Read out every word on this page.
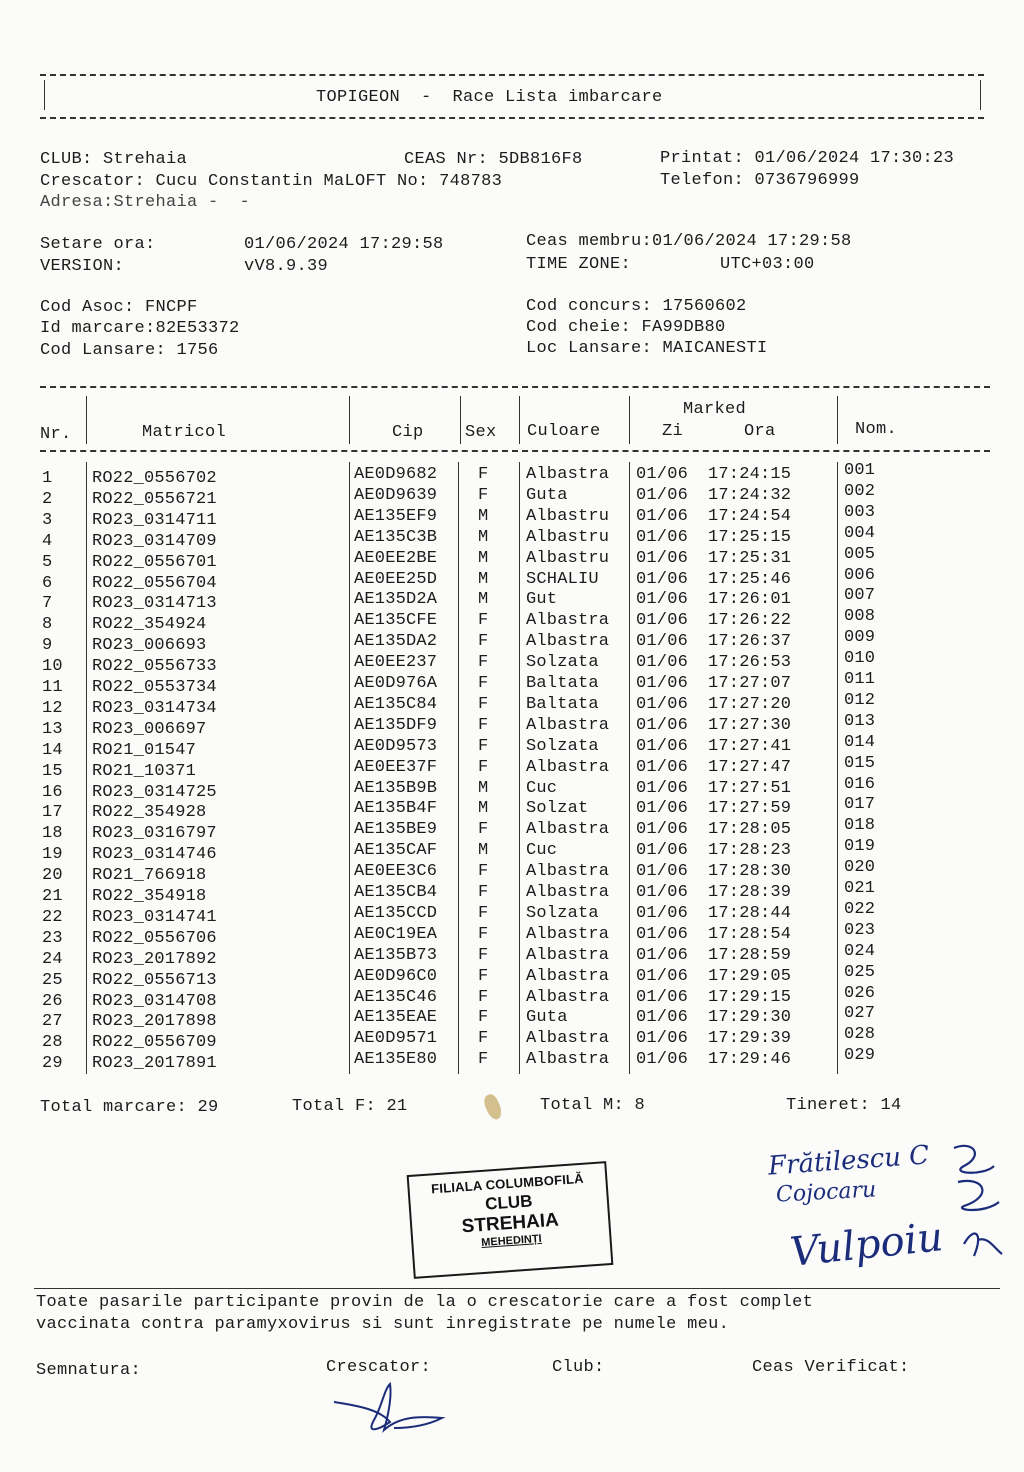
TOPIGEON  -  Race Lista imbarcare
CLUB: Strehaia	CEAS Nr: 5DB816F8	Printat: 01/06/2024 17:30:23
Crescator: Cucu Constantin MaLOFT No: 748783	Telefon: 0736796999
Adresa:Strehaia -  -
Setare ora:	01/06/2024 17:29:58	Ceas membru:01/06/2024 17:29:58
VERSION:	vV8.9.39	TIME ZONE:	UTC+03:00
Cod Asoc: FNCPF	Cod concurs: 17560602
Id marcare:82E53372	Cod cheie: FA99DB80
Cod Lansare: 1756	Loc Lansare: MAICANESTI
Nr.	Matricol	Cip Sex Culoare
Marked
Zi	Ora	Nom.
1 RO22_0556702	AE0D9682 F Albastra 01/06 17:24:15	001
2 RO22_0556721	AE0D9639 F Guta	01/06 17:24:32	002
3 RO23_0314711	AE135EF9 M Albastru 01/06 17:24:54	003
4 RO23_0314709	AE135C3B M Albastru 01/06 17:25:15	004
5 RO22_0556701	AE0EE2BE M Albastru 01/06 17:25:31	005
6 RO22_0556704	AE0EE25D M SCHALIU 01/06 17:25:46	006
7 RO23_0314713	AE135D2A M Gut	01/06 17:26:01	007
8 RO22_354924	AE135CFE F Albastra 01/06 17:26:22	008
9 RO23_006693	AE135DA2 F Albastra 01/06 17:26:37	009
10 RO22_0556733	AE0EE237 F Solzata 01/06 17:26:53	010
11 RO22_0553734	AE0D976A F Baltata 01/06 17:27:07	011
12 RO23_0314734	AE135C84 F Baltata 01/06 17:27:20	012
13 RO23_006697	AE135DF9 F Albastra 01/06 17:27:30	013
14 RO21_01547	AE0D9573 F Solzata 01/06 17:27:41	014
15 RO21_10371	AE0EE37F F Albastra 01/06 17:27:47	015
16 RO23_0314725	AE135B9B M Cuc	01/06 17:27:51	016
17 RO22_354928	AE135B4F M Solzat	01/06 17:27:59	017
18 RO23_0316797	AE135BE9 F Albastra 01/06 17:28:05	018
19 RO23_0314746	AE135CAF M Cuc	01/06 17:28:23	019
20 RO21_766918	AE0EE3C6 F Albastra 01/06 17:28:30	020
21 RO22_354918	AE135CB4 F Albastra 01/06 17:28:39	021
22 RO23_0314741	AE135CCD F Solzata 01/06 17:28:44	022
23 RO22_0556706	AE0C19EA F Albastra 01/06 17:28:54	023
24 RO23_2017892	AE135B73 F Albastra 01/06 17:28:59	024
25 RO22_0556713	AE0D96C0 F Albastra 01/06 17:29:05	025
26 RO23_0314708	AE135C46 F Albastra 01/06 17:29:15	026
27 RO23_2017898	AE135EAE F Guta	01/06 17:29:30	027
28 RO22_0556709	AE0D9571 F Albastra 01/06 17:29:39	028
29 RO23_2017891	AE135E80 F Albastra 01/06 17:29:46	029
Total marcare: 29	Total F: 21	Total M: 8	Tineret: 14
FILIALA COLUMBOFILĂ
CLUB
STREHAIA
MEHEDINȚI
Frătilescu C
Cojocaru
Vulpoiu
Toate pasarile participante provin de la o crescatorie care a fost complet
vaccinata contra paramyxovirus si sunt inregistrate pe numele meu.
Semnatura:	Crescator:	Club:	Ceas Verificat:
